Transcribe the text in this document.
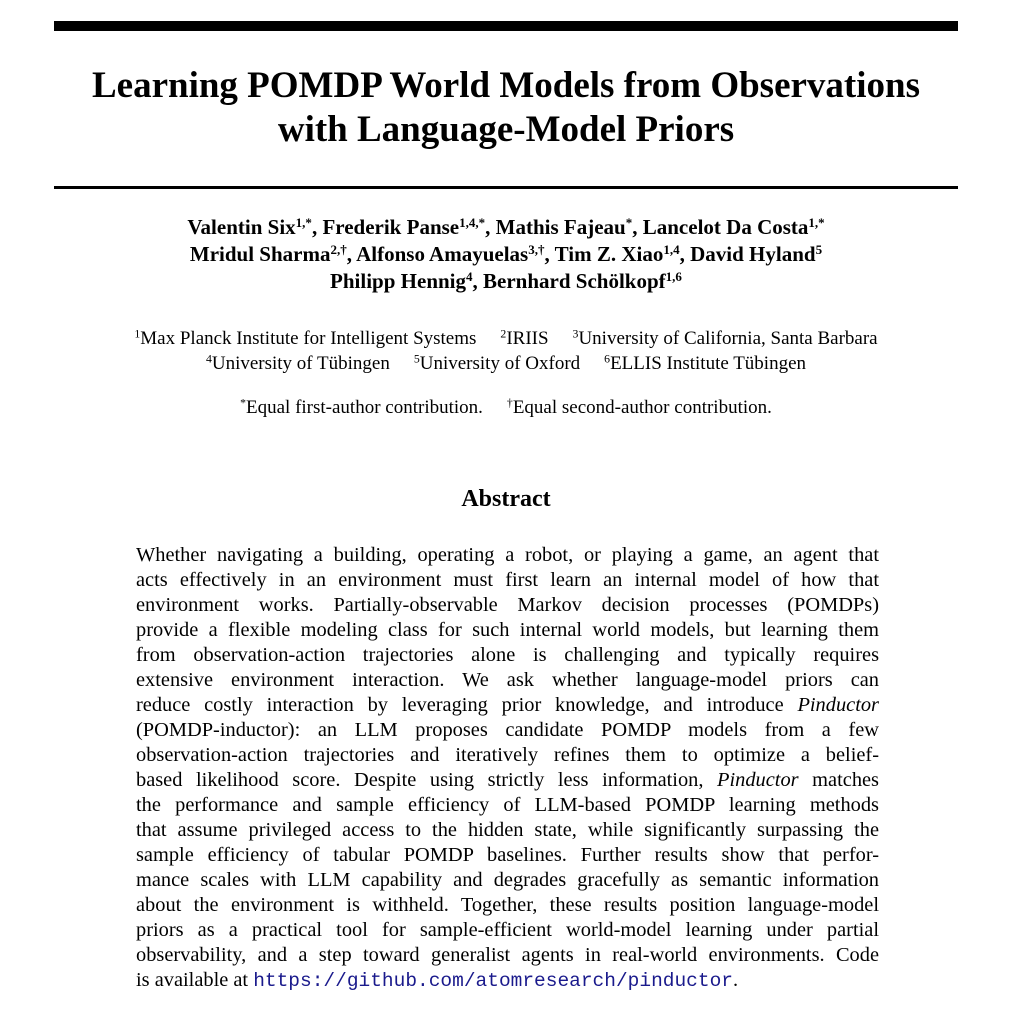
Learning POMDP World Models from Observations
with Language-Model Priors
Valentin Six$^{1,*}$, Frederik Panse$^{1,4,*}$, Mathis Fajeau*, Lancelot Da Costa$^{1,*}$
Mridul Sharma$^{2,\dagger}$, Alfonso Amayuelas$^{3,\dagger}$, Tim Z. Xiao$^{1,4}$, David Hyland$^5$
Philipp Hennig$^4$, Bernhard Schölkopf$^{1,6}$
$^1$Max Planck Institute for Intelligent Systems $^2$IRIIS $^3$University of California, Santa Barbara
$^4$University of Tübingen $^5$University of Oxford $^6$ELLIS Institute Tübingen
*Equal first-author contribution. †Equal second-author contribution.
Abstract
Whether navigating a building, operating a robot, or playing a game, an agent that
acts effectively in an environment must first learn an internal model of how that
environment works. Partially-observable Markov decision processes (POMDPs)
provide a flexible modeling class for such internal world models, but learning them
from observation-action trajectories alone is challenging and typically requires
extensive environment interaction. We ask whether language-model priors can
reduce costly interaction by leveraging prior knowledge, and introduce Pinductor
(POMDP-inductor): an LLM proposes candidate POMDP models from a few
observation-action trajectories and iteratively refines them to optimize a belief-
based likelihood score. Despite using strictly less information, Pinductor matches
the performance and sample efficiency of LLM-based POMDP learning methods
that assume privileged access to the hidden state, while significantly surpassing the
sample efficiency of tabular POMDP baselines. Further results show that perfor-
mance scales with LLM capability and degrades gracefully as semantic information
about the environment is withheld. Together, these results position language-model
priors as a practical tool for sample-efficient world-model learning under partial
observability, and a step toward generalist agents in real-world environments. Code
is available at https://github.com/atomresearch/pinductor.
